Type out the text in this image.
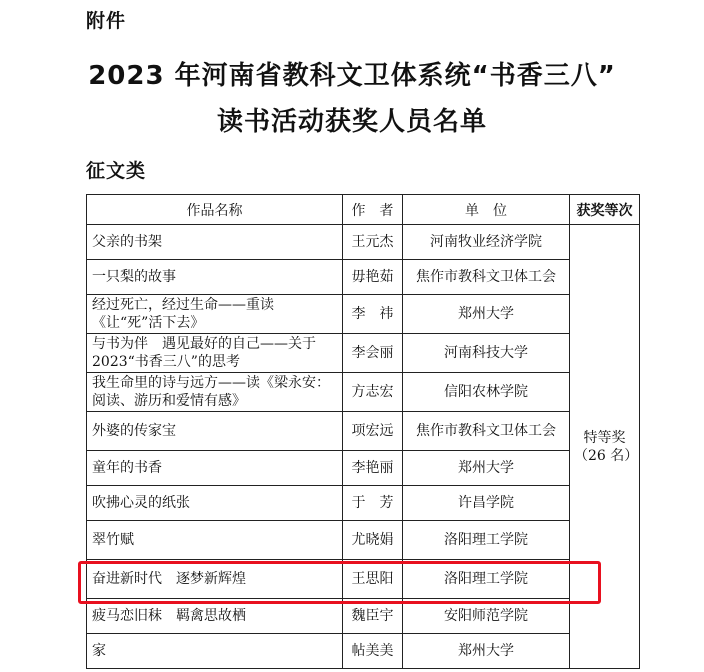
附件
2023 年河南省教科文卫体系统“书香三八”
读书活动获奖人员名单
征文类
作品名称	作　者	单　位	获奖等次
父亲的书架	王元杰	河南牧业经济学院	特等奖
（26 名）

一只梨的故事	毋艳茹	焦作市教科文卫体工会	
经过死亡，经过生命——重读《让“死”活下去》	李　祎	郑州大学	
与书为伴　遇见最好的自己——关于2023“书香三八”的思考	李会丽	河南科技大学	
我生命里的诗与远方——读《梁永安：阅读、游历和爱情有感》	方志宏	信阳农林学院	
外婆的传家宝	项宏远	焦作市教科文卫体工会	
童年的书香	李艳丽	郑州大学	
吹拂心灵的纸张	于　芳	许昌学院	
翠竹赋	尤晓娟	洛阳理工学院	
奋进新时代　逐梦新辉煌	王思阳	洛阳理工学院	
疲马恋旧秣　羁禽思故栖	魏臣宇	安阳师范学院	
家	帖美美	郑州大学	
